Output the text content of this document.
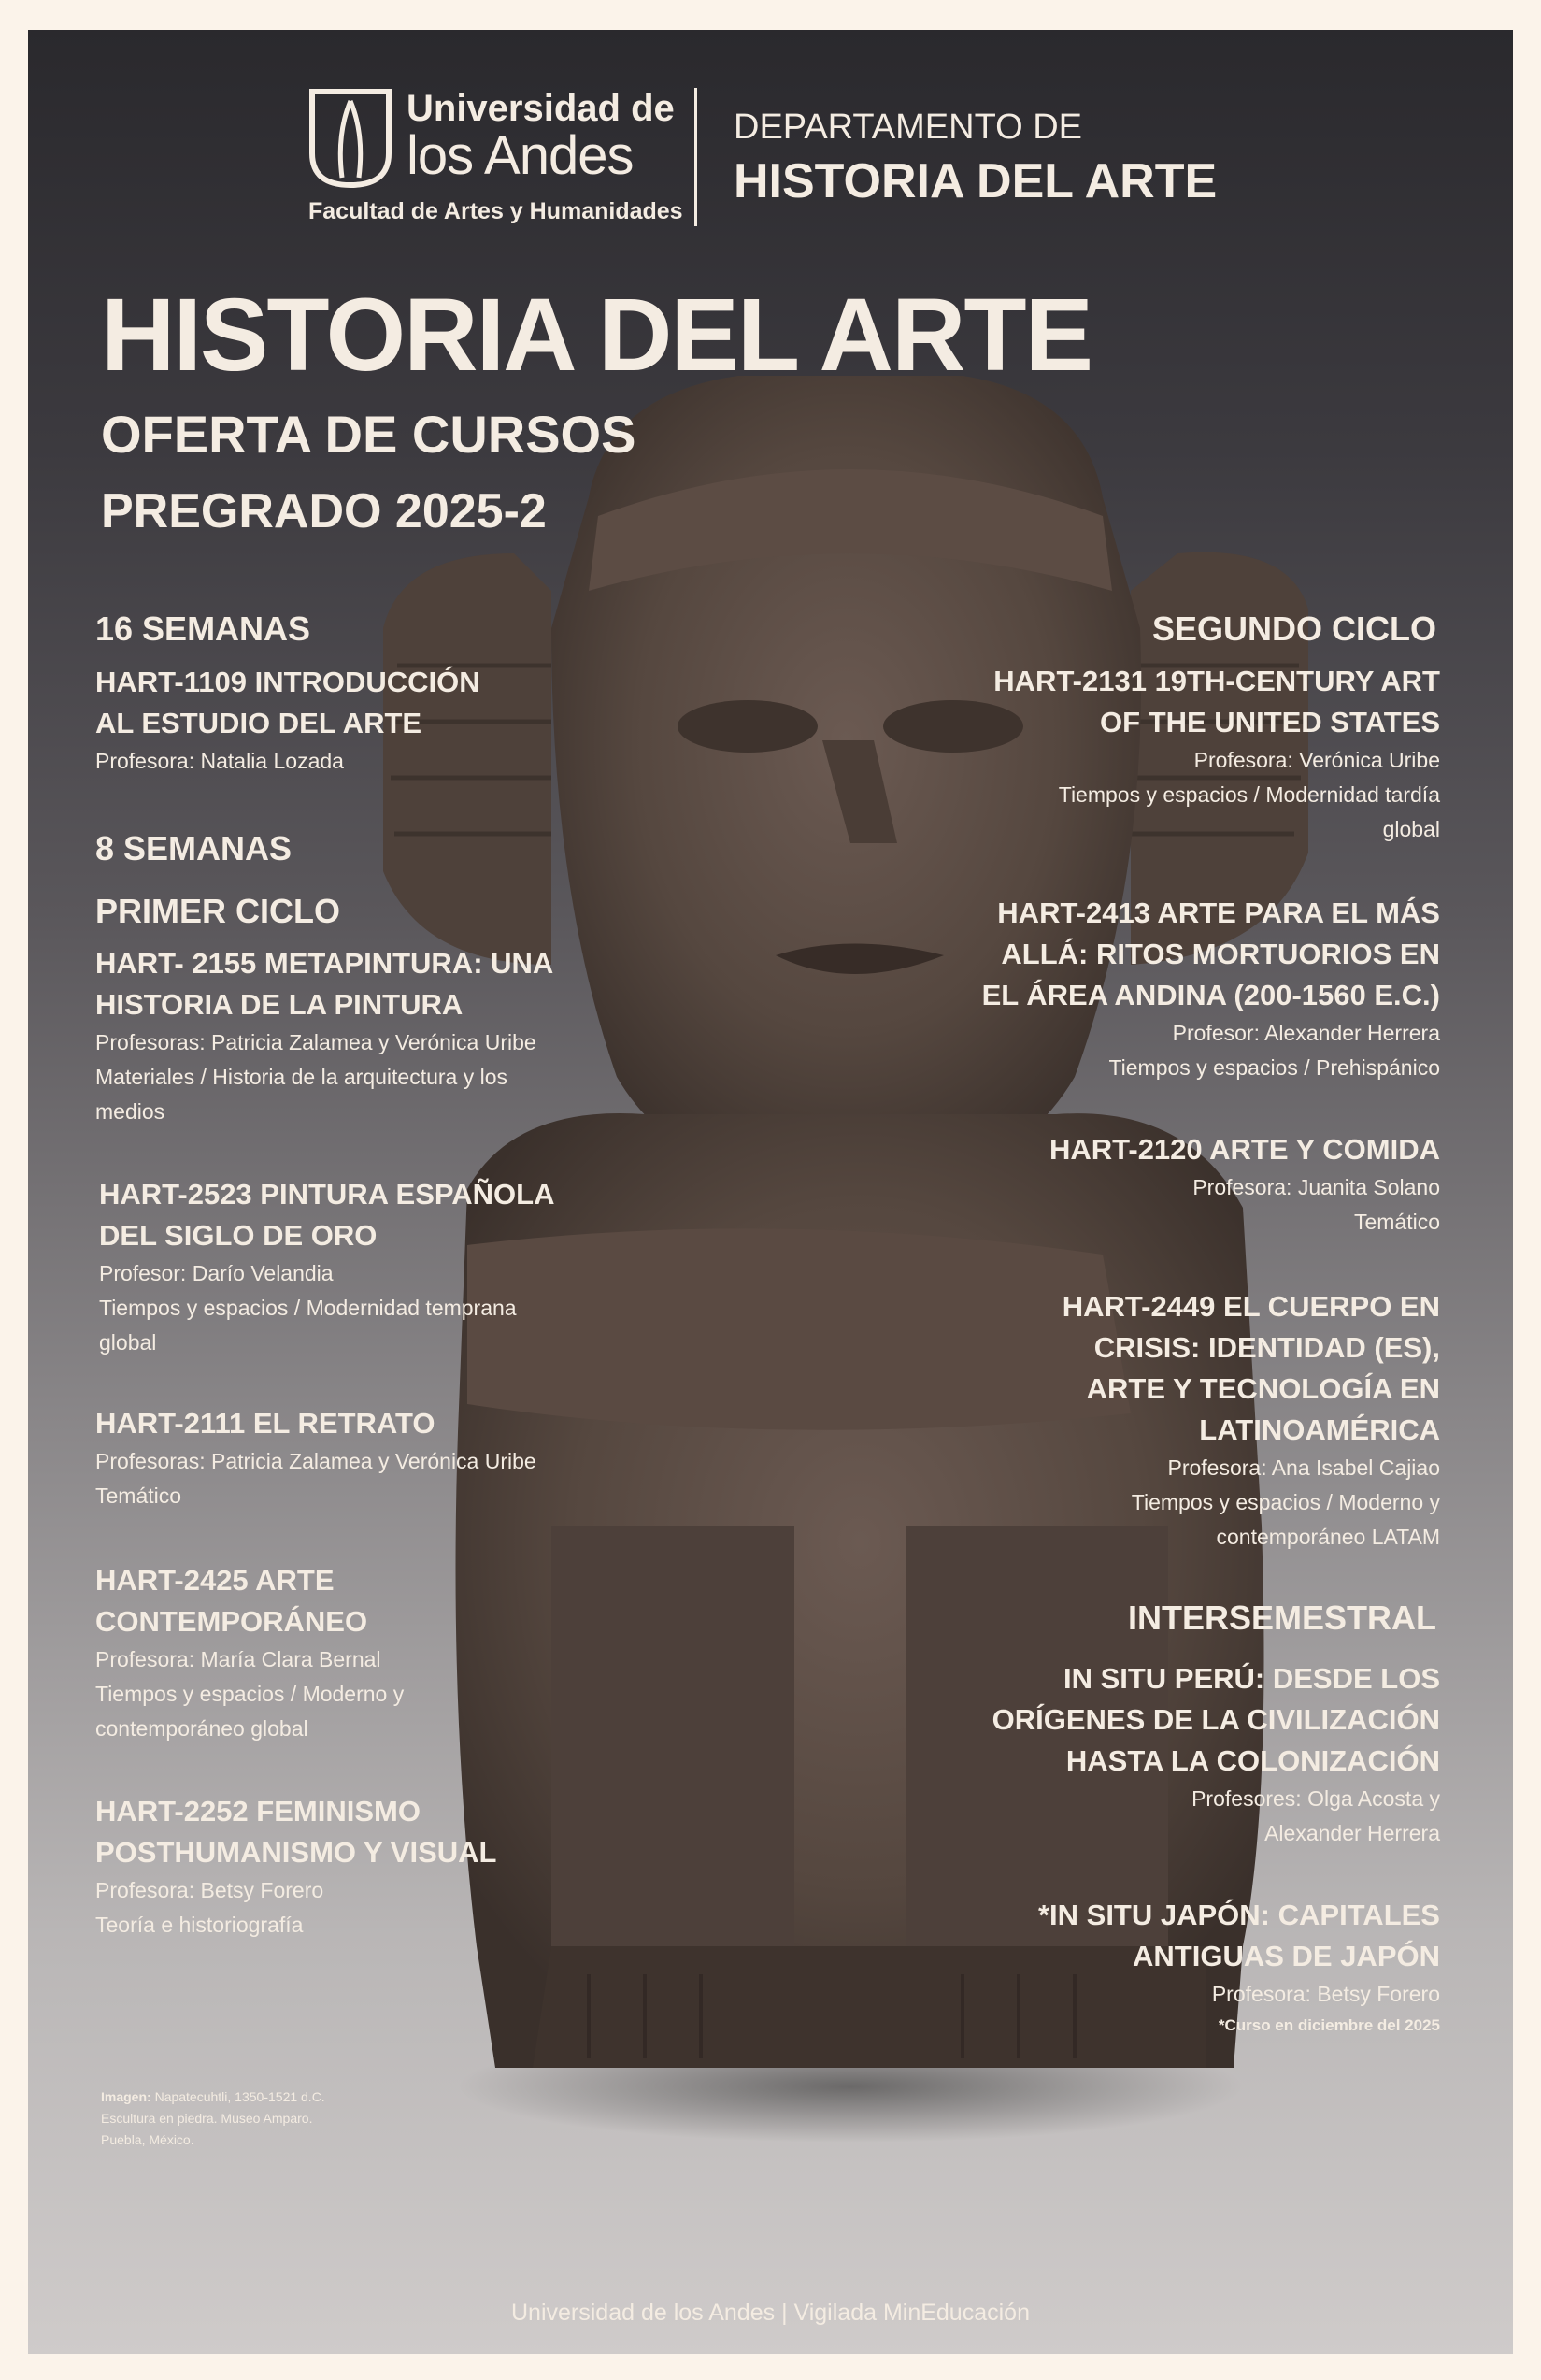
Universidad de
los Andes
Facultad de Artes y Humanidades
DEPARTAMENTO DE
HISTORIA DEL ARTE
HISTORIA DEL ARTE
OFERTA DE CURSOS
PREGRADO 2025-2
16 SEMANAS
HART-1109 INTRODUCCIÓN
AL ESTUDIO DEL ARTE
Profesora: Natalia Lozada
8 SEMANAS
PRIMER CICLO
HART- 2155 METAPINTURA: UNA
HISTORIA DE LA PINTURA
Profesoras: Patricia Zalamea y Verónica Uribe
Materiales / Historia de la arquitectura y los
medios
HART-2523 PINTURA ESPAÑOLA
DEL SIGLO DE ORO
Profesor: Darío Velandia
Tiempos y espacios / Modernidad temprana
global
HART-2111 EL RETRATO
Profesoras: Patricia Zalamea y Verónica Uribe
Temático
HART-2425 ARTE
CONTEMPORÁNEO
Profesora: María Clara Bernal
Tiempos y espacios / Moderno y
contemporáneo global
HART-2252 FEMINISMO
POSTHUMANISMO Y VISUAL
Profesora: Betsy Forero
Teoría e historiografía
SEGUNDO CICLO
HART-2131 19TH-CENTURY ART
OF THE UNITED STATES
Profesora: Verónica Uribe
Tiempos y espacios / Modernidad tardía
global
HART-2413 ARTE PARA EL MÁS
ALLÁ: RITOS MORTUORIOS EN
EL ÁREA ANDINA (200-1560 E.C.)
Profesor: Alexander Herrera
Tiempos y espacios / Prehispánico
HART-2120 ARTE Y COMIDA
Profesora: Juanita Solano
Temático
HART-2449 EL CUERPO EN
CRISIS: IDENTIDAD (ES),
ARTE Y TECNOLOGÍA EN
LATINOAMÉRICA
Profesora: Ana Isabel Cajiao
Tiempos y espacios / Moderno y
contemporáneo LATAM
INTERSEMESTRAL
IN SITU PERÚ: DESDE LOS
ORÍGENES DE LA CIVILIZACIÓN
HASTA LA COLONIZACIÓN
Profesores: Olga Acosta y
Alexander Herrera
*IN SITU JAPÓN: CAPITALES
ANTIGUAS DE JAPÓN
Profesora: Betsy Forero
*Curso en diciembre del 2025
Imagen: Napatecuhtli, 1350-1521 d.C.
Escultura en piedra. Museo Amparo.
Puebla, México.
Universidad de los Andes | Vigilada MinEducación
